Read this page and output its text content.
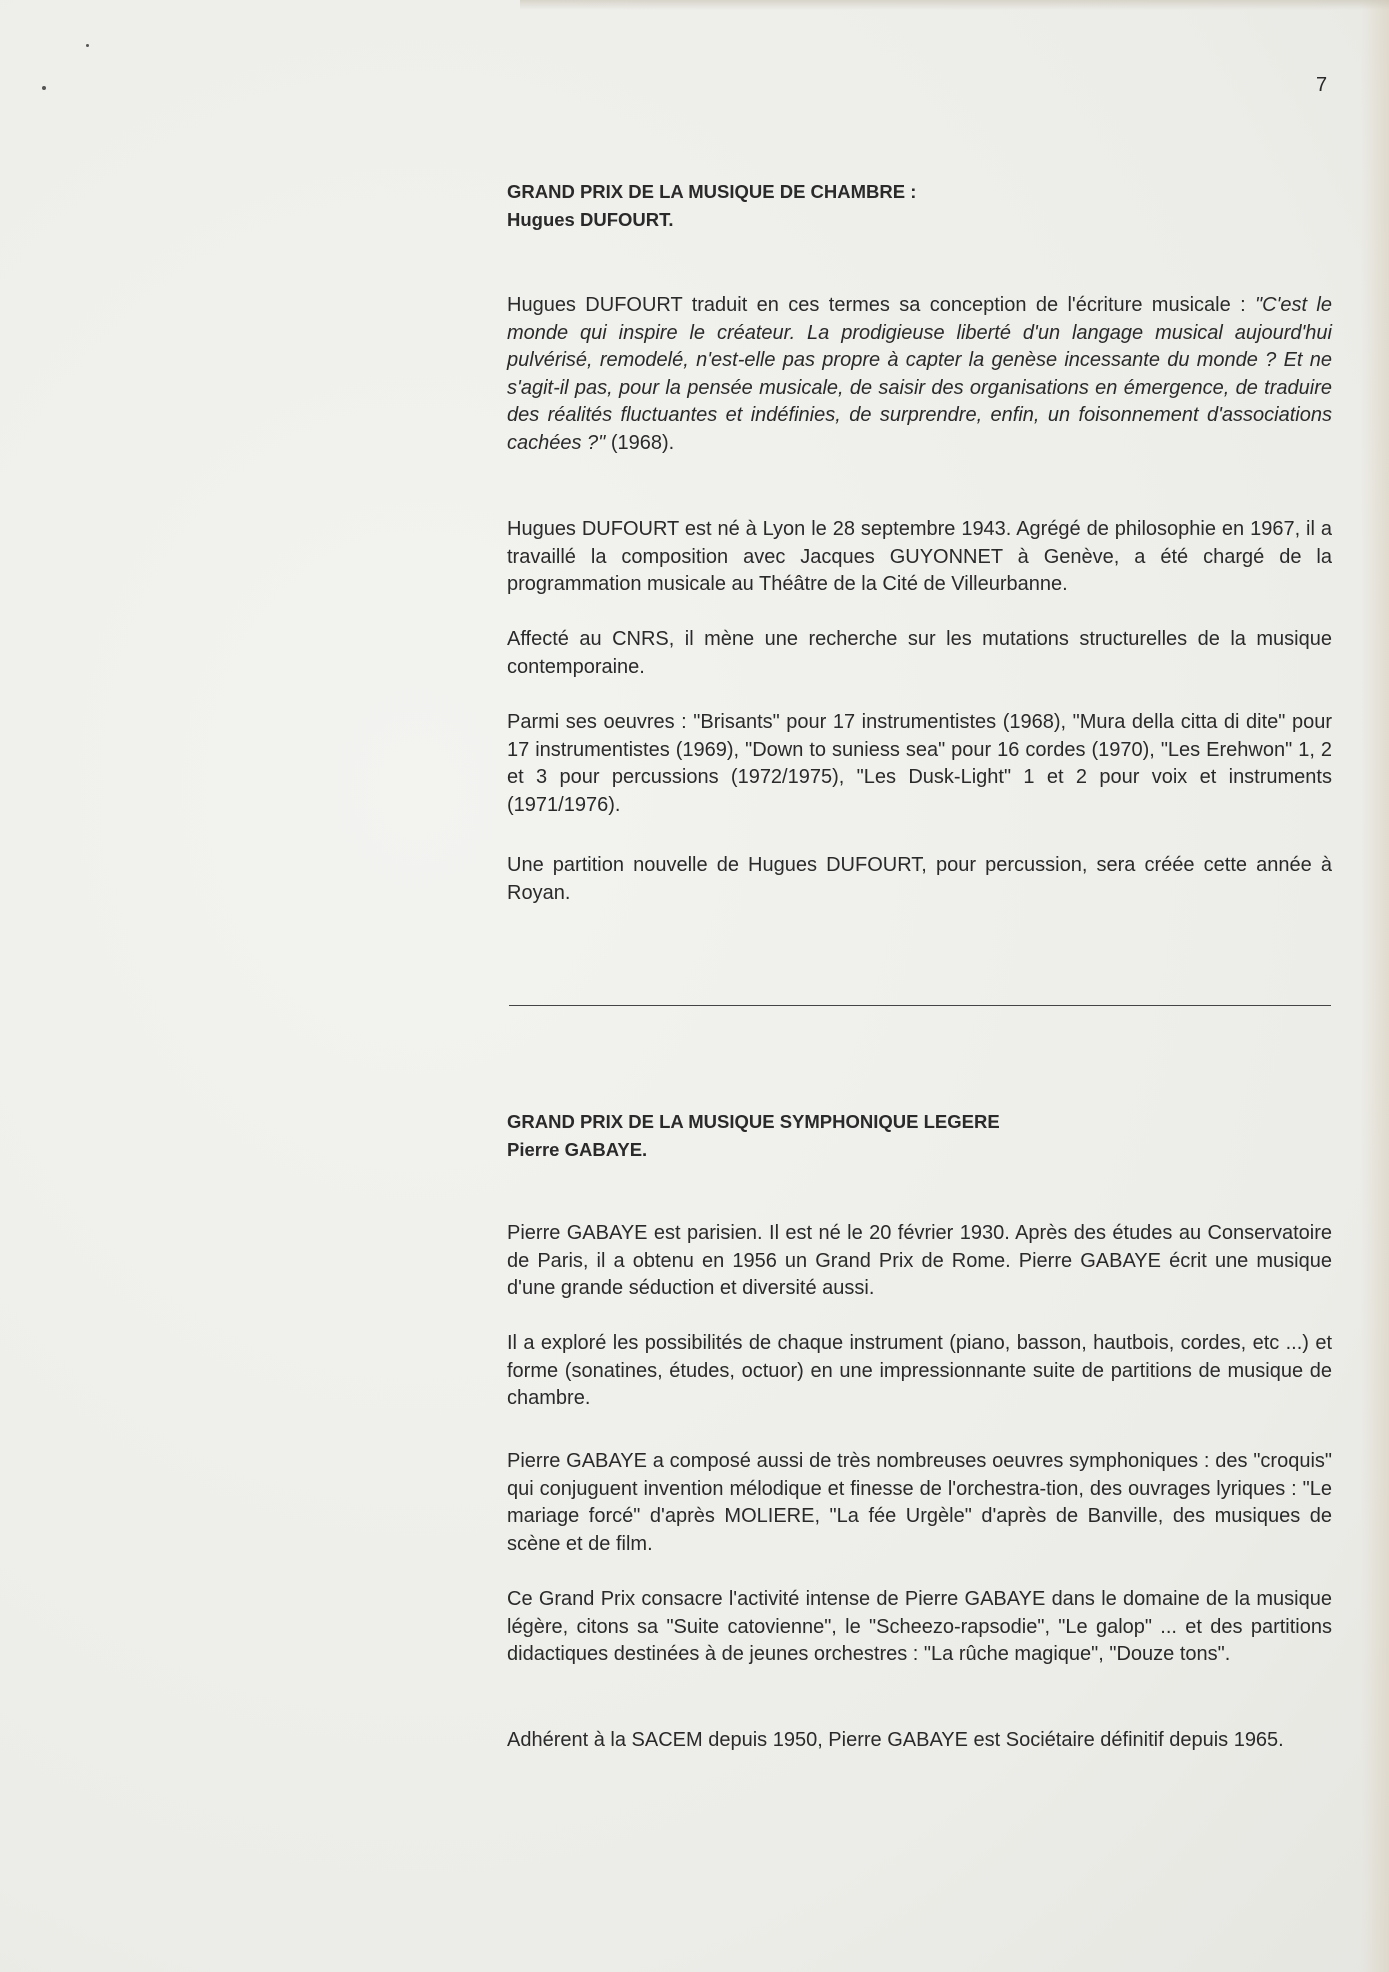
7
GRAND PRIX DE LA MUSIQUE DE CHAMBRE :
Hugues DUFOURT.

Hugues DUFOURT traduit en ces termes sa conception de l'écriture musicale : "C'est le monde qui inspire le créateur. La prodigieuse liberté d'un langage musical aujourd'hui pulvérisé, remodelé, n'est-elle pas propre à capter la genèse incessante du monde ? Et ne s'agit-il pas, pour la pensée musicale, de saisir des organisations en émergence, de traduire des réalités fluctuantes et indéfinies, de surprendre, enfin, un foisonnement d'associations cachées ?" (1968).

Hugues DUFOURT est né à Lyon le 28 septembre 1943. Agrégé de philosophie en 1967, il a travaillé la composition avec Jacques GUYONNET à Genève, a été chargé de la programmation musicale au Théâtre de la Cité de Villeurbanne.

Affecté au CNRS, il mène une recherche sur les mutations structurelles de la musique contemporaine.

Parmi ses oeuvres : "Brisants" pour 17 instrumentistes (1968), "Mura della citta di dite" pour 17 instrumentistes (1969), "Down to suniess sea" pour 16 cordes (1970), "Les Erehwon" 1, 2 et 3 pour percussions (1972/1975), "Les Dusk-Light" 1 et 2 pour voix et instruments (1971/1976).

Une partition nouvelle de Hugues DUFOURT, pour percussion, sera créée cette année à Royan.

GRAND PRIX DE LA MUSIQUE SYMPHONIQUE LEGERE
Pierre GABAYE.

Pierre GABAYE est parisien. Il est né le 20 février 1930. Après des études au Conservatoire de Paris, il a obtenu en 1956 un Grand Prix de Rome. Pierre GABAYE écrit une musique d'une grande séduction et diversité aussi.

Il a exploré les possibilités de chaque instrument (piano, basson, hautbois, cordes, etc ...) et forme (sonatines, études, octuor) en une impressionnante suite de partitions de musique de chambre.

Pierre GABAYE a composé aussi de très nombreuses oeuvres symphoniques : des "croquis" qui conjuguent invention mélodique et finesse de l'orchestra-tion, des ouvrages lyriques : "Le mariage forcé" d'après MOLIERE, "La fée Urgèle" d'après de Banville, des musiques de scène et de film.

Ce Grand Prix consacre l'activité intense de Pierre GABAYE dans le domaine de la musique légère, citons sa "Suite catovienne", le "Scheezo-rapsodie", "Le galop" ... et des partitions didactiques destinées à de jeunes orchestres : "La rûche magique", "Douze tons".

Adhérent à la SACEM depuis 1950, Pierre GABAYE est Sociétaire définitif depuis 1965.
